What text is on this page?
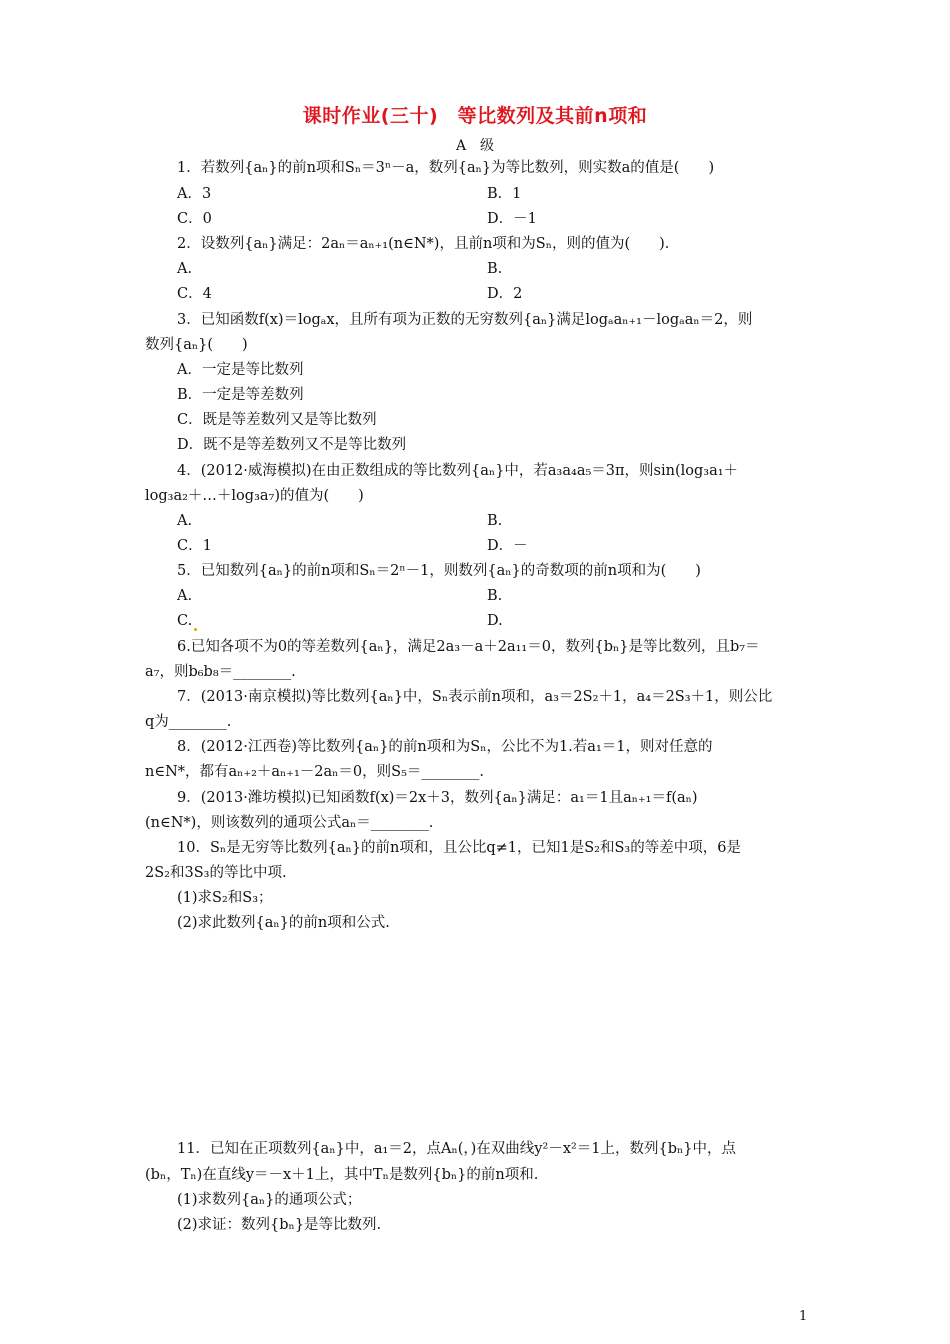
课时作业(三十)　等比数列及其前n项和
A　级
1．若数列{aₙ}的前n项和Sₙ＝3ⁿ－a，数列{aₙ}为等比数列，则实数a的值是(　　)
A．3	B．1
C．0	D．－1
2．设数列{aₙ}满足：2aₙ＝aₙ₊₁(n∈N*)，且前n项和为Sₙ，则的值为(　　).
A.	B.
C．4	D．2
3．已知函数f(x)＝logₐx，且所有项为正数的无穷数列{aₙ}满足logₐaₙ₊₁－logₐaₙ＝2，则
数列{aₙ}(　　)
A．一定是等比数列
B．一定是等差数列
C．既是等差数列又是等比数列
D．既不是等差数列又不是等比数列
4．(2012·威海模拟)在由正数组成的等比数列{aₙ}中，若a₃a₄a₅＝3π，则sin(log₃a₁＋
log₃a₂＋…＋log₃a₇)的值为(　　)
A.	B.
C．1	D．－
5．已知数列{aₙ}的前n项和Sₙ＝2ⁿ－1，则数列{aₙ}的奇数项的前n项和为(　　)
A.	B.
C.	D.
6.已知各项不为0的等差数列{aₙ}，满足2a₃－a＋2a₁₁＝0，数列{bₙ}是等比数列，且b₇＝
a₇，则b₆b₈＝________.
7．(2013·南京模拟)等比数列{aₙ}中，Sₙ表示前n项和，a₃＝2S₂＋1，a₄＝2S₃＋1，则公比
q为________.
8．(2012·江西卷)等比数列{aₙ}的前n项和为Sₙ，公比不为1.若a₁＝1，则对任意的
n∈N*，都有aₙ₊₂＋aₙ₊₁－2aₙ＝0，则S₅＝________.
9．(2013·潍坊模拟)已知函数f(x)＝2x＋3，数列{aₙ}满足：a₁＝1且aₙ₊₁＝f(aₙ)
(n∈N*)，则该数列的通项公式aₙ＝________.
10．Sₙ是无穷等比数列{aₙ}的前n项和，且公比q≠1，已知1是S₂和S₃的等差中项，6是
2S₂和3S₃的等比中项.
(1)求S₂和S₃；
(2)求此数列{aₙ}的前n项和公式.
11．已知在正项数列{aₙ}中，a₁＝2，点Aₙ(，)在双曲线y²－x²＝1上，数列{bₙ}中，点
(bₙ，Tₙ)在直线y＝－x＋1上，其中Tₙ是数列{bₙ}的前n项和.
(1)求数列{aₙ}的通项公式；
(2)求证：数列{bₙ}是等比数列.
1
